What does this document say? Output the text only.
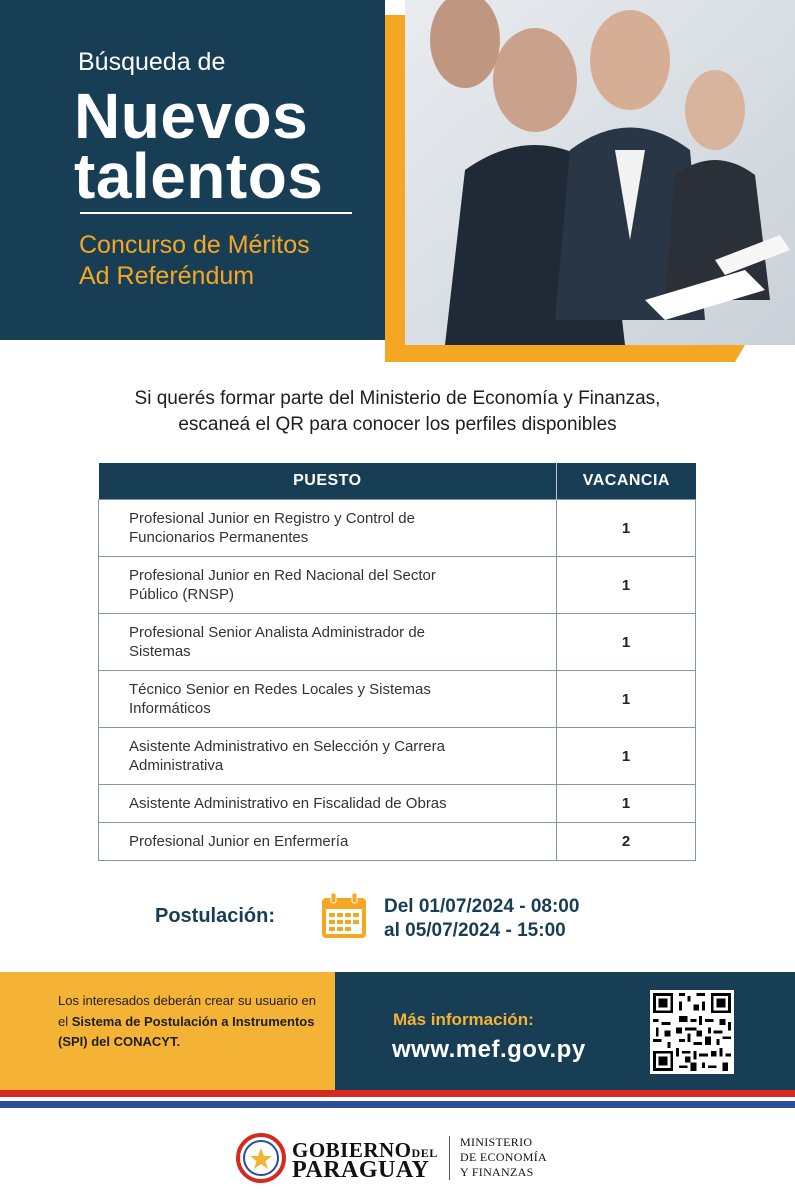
Búsqueda de
Nuevos
talentos
Concurso de Méritos
Ad Referéndum
Si querés formar parte del Ministerio de Economía y Finanzas,
escaneá el QR para conocer los perfiles disponibles
PUESTO	VACANCIA

Profesional Junior en Registro y Control de
Funcionarios Permanentes	1

Profesional Junior en Red Nacional del Sector
Público (RNSP)	1

Profesional Senior Analista Administrador de
Sistemas	1

Técnico Senior en Redes Locales y Sistemas
Informáticos	1

Asistente Administrativo en Selección y Carrera
Administrativa	1
Asistente Administrativo en Fiscalidad de Obras	1
Profesional Junior en Enfermería	2
Postulación:	Del 01/07/2024 - 08:00
al 05/07/2024 - 15:00
Los interesados deberán crear su usuario en el Sistema de Postulación a Instrumentos (SPI) del CONACYT.
Más información:
www.mef.gov.py
GOBIERNODEL
PARAGUAY
MINISTERIO
DE ECONOMÍA
Y FINANZAS
